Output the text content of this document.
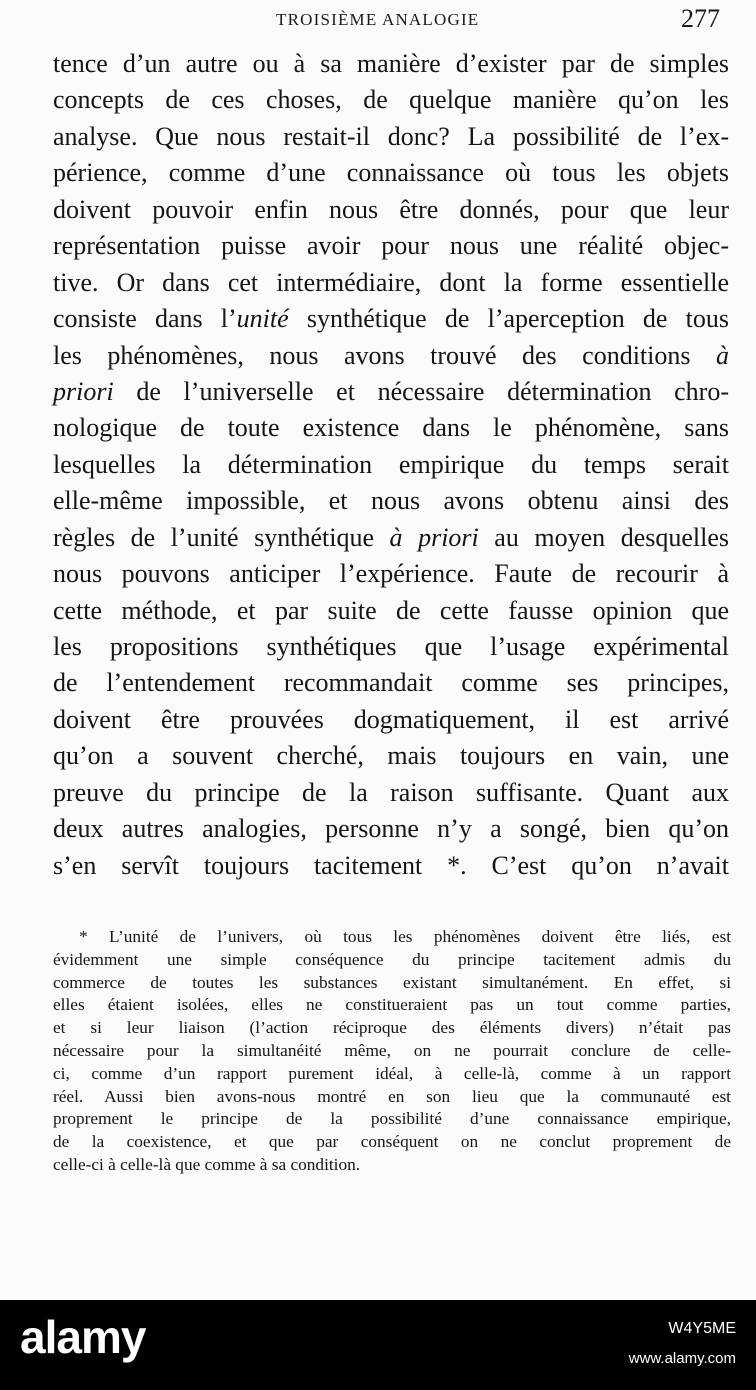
TROISIÈME ANALOGIE	277
tence d’un autre ou à sa manière d’exister par de simples
concepts de ces choses, de quelque manière qu’on les
analyse. Que nous restait-il donc? La possibilité de l’ex-
périence, comme d’une connaissance où tous les objets
doivent pouvoir enfin nous être donnés, pour que leur
représentation puisse avoir pour nous une réalité objec-
tive. Or dans cet intermédiaire, dont la forme essentielle
consiste dans l’unité synthétique de l’aperception de tous
les phénomènes, nous avons trouvé des conditions à
priori de l’universelle et nécessaire détermination chro-
nologique de toute existence dans le phénomène, sans
lesquelles la détermination empirique du temps serait
elle-même impossible, et nous avons obtenu ainsi des
règles de l’unité synthétique à priori au moyen desquelles
nous pouvons anticiper l’expérience. Faute de recourir à
cette méthode, et par suite de cette fausse opinion que
les propositions synthétiques que l’usage expérimental
de l’entendement recommandait comme ses principes,
doivent être prouvées dogmatiquement, il est arrivé
qu’on a souvent cherché, mais toujours en vain, une
preuve du principe de la raison suffisante. Quant aux
deux autres analogies, personne n’y a songé, bien qu’on
s’en servît toujours tacitement *. C’est qu’on n’avait
* L’unité de l’univers, où tous les phénomènes doivent être liés, est
évidemment une simple conséquence du principe tacitement admis du
commerce de toutes les substances existant simultanément. En effet, si
elles étaient isolées, elles ne constitueraient pas un tout comme parties,
et si leur liaison (l’action réciproque des éléments divers) n’était pas
nécessaire pour la simultanéité même, on ne pourrait conclure de celle-
ci, comme d’un rapport purement idéal, à celle-là, comme à un rapport
réel. Aussi bien avons-nous montré en son lieu que la communauté est
proprement le principe de la possibilité d’une connaissance empirique,
de la coexistence, et que par conséquent on ne conclut proprement de
celle-ci à celle-là que comme à sa condition.
alamy	W4Y5ME
www.alamy.com
